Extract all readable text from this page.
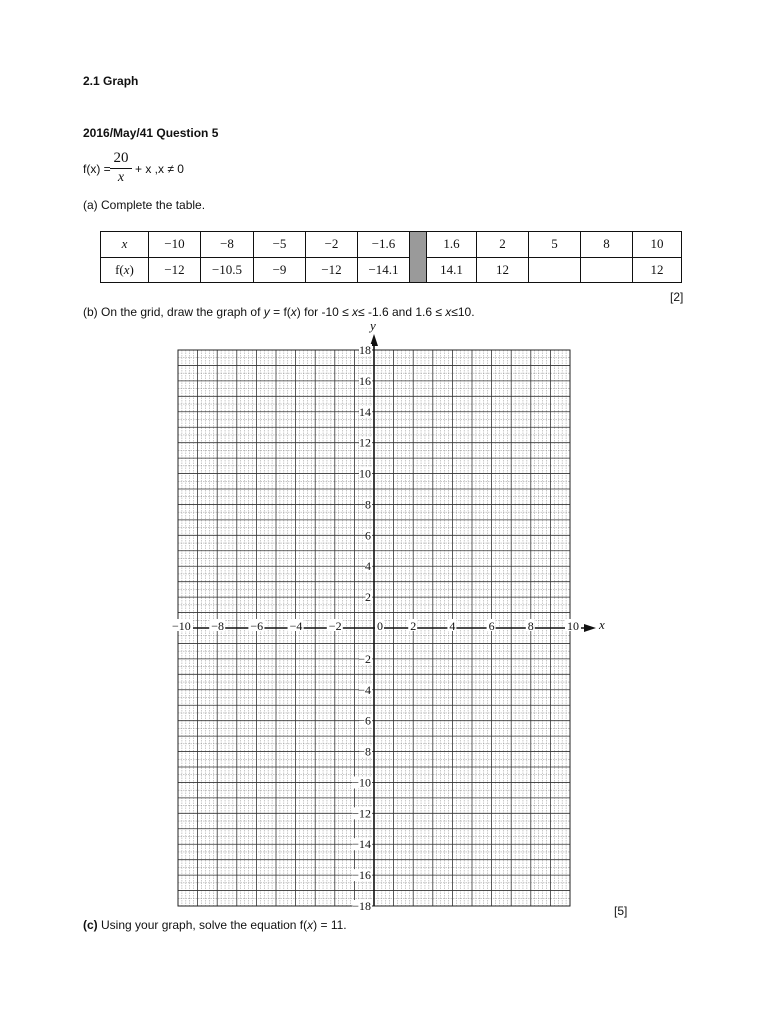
2.1 Graph
2016/May/41 Question 5
f(x) =
20
x
+ x ,x ≠ 0
(a) Complete the table.
x	−10	−8	−5	−2	−1.6		1.6	2	5	8	10
f(x)	−12	−10.5	−9	−12	−14.1		14.1	12			12
[2]
(b) On the grid, draw the graph of y = f(x) for -10 ≤ x≤ -1.6 and 1.6 ≤ x≤10.
x
y
−10 −8 −6 −4 −2	0 2	4	6	8	10
18
16
14
12
10
8
6
4
2
−2
−4
−6
−8
−10
−12
−14
−16
−18	[5]
(c) Using your graph, solve the equation f(x) = 11.
